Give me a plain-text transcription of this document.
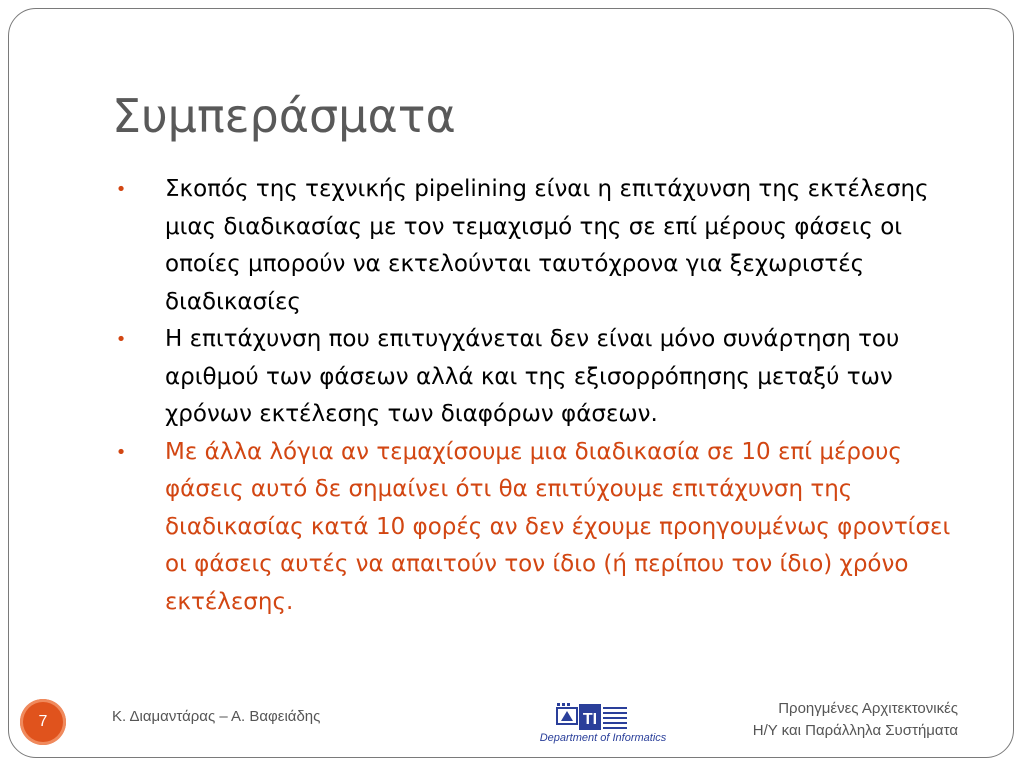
Συμπεράσματα
• Σκοπός της τεχνικής pipelining είναι η επιτάχυνση της εκτέλεσης μιας διαδικασίας με τον τεμαχισμό της σε επί μέρους φάσεις οι οποίες μπορούν να εκτελούνται ταυτόχρονα για ξεχωριστές διαδικασίες
• Η επιτάχυνση που επιτυγχάνεται δεν είναι μόνο συνάρτηση του αριθμού των φάσεων αλλά και της εξισορρόπησης μεταξύ των χρόνων εκτέλεσης των διαφόρων φάσεων.
• Με άλλα λόγια αν τεμαχίσουμε μια διαδικασία σε 10 επί μέρους φάσεις αυτό δε σημαίνει ότι θα επιτύχουμε επιτάχυνση της διαδικασίας κατά 10 φορές αν δεν έχουμε προηγουμένως φροντίσει οι φάσεις αυτές να απαιτούν τον ίδιο (ή περίπου τον ίδιο) χρόνο εκτέλεσης.
7	Κ. Διαμαντάρας – Α. Βαφειάδης	TI
Department of Informatics
Προηγμένες Αρχιτεκτονικές
Η/Υ και Παράλληλα Συστήματα
